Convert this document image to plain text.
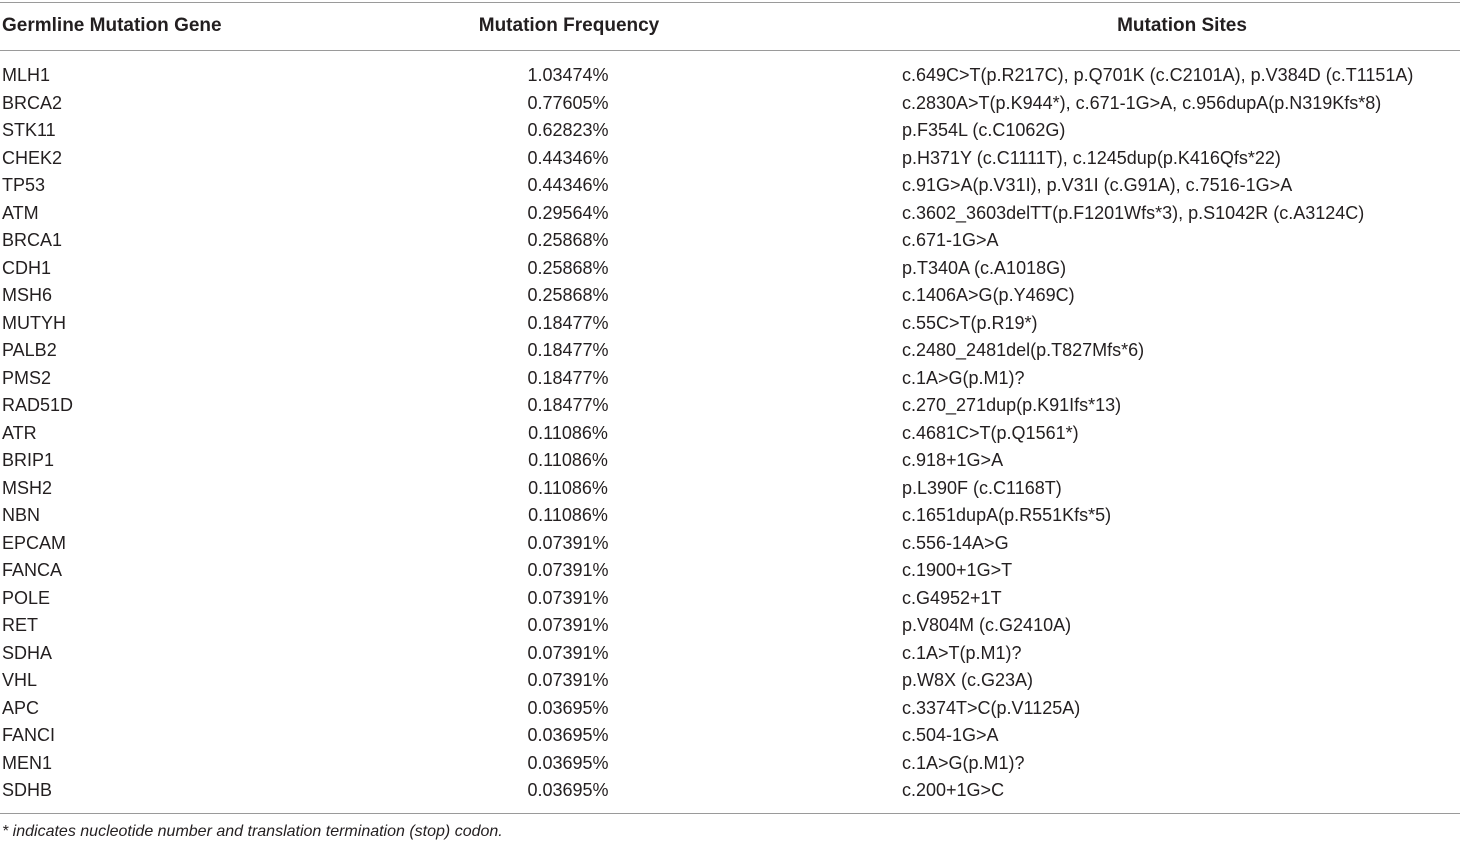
Germline Mutation Gene	Mutation Frequency	Mutation Sites
MLH1	1.03474%	c.649C>T(p.R217C), p.Q701K (c.C2101A), p.V384D (c.T1151A)
BRCA2	0.77605%	c.2830A>T(p.K944*), c.671-1G>A, c.956dupA(p.N319Kfs*8)
STK11	0.62823%	p.F354L (c.C1062G)
CHEK2	0.44346%	p.H371Y (c.C1111T), c.1245dup(p.K416Qfs*22)
TP53	0.44346%	c.91G>A(p.V31I), p.V31I (c.G91A), c.7516-1G>A
ATM	0.29564%	c.3602_3603delTT(p.F1201Wfs*3), p.S1042R (c.A3124C)
BRCA1	0.25868%	c.671-1G>A
CDH1	0.25868%	p.T340A (c.A1018G)
MSH6	0.25868%	c.1406A>G(p.Y469C)
MUTYH	0.18477%	c.55C>T(p.R19*)
PALB2	0.18477%	c.2480_2481del(p.T827Mfs*6)
PMS2	0.18477%	c.1A>G(p.M1)?
RAD51D	0.18477%	c.270_271dup(p.K91Ifs*13)
ATR	0.11086%	c.4681C>T(p.Q1561*)
BRIP1	0.11086%	c.918+1G>A
MSH2	0.11086%	p.L390F (c.C1168T)
NBN	0.11086%	c.1651dupA(p.R551Kfs*5)
EPCAM	0.07391%	c.556-14A>G
FANCA	0.07391%	c.1900+1G>T
POLE	0.07391%	c.G4952+1T
RET	0.07391%	p.V804M (c.G2410A)
SDHA	0.07391%	c.1A>T(p.M1)?
VHL	0.07391%	p.W8X (c.G23A)
APC	0.03695%	c.3374T>C(p.V1125A)
FANCI	0.03695%	c.504-1G>A
MEN1	0.03695%	c.1A>G(p.M1)?
SDHB	0.03695%	c.200+1G>C
* indicates nucleotide number and translation termination (stop) codon.
